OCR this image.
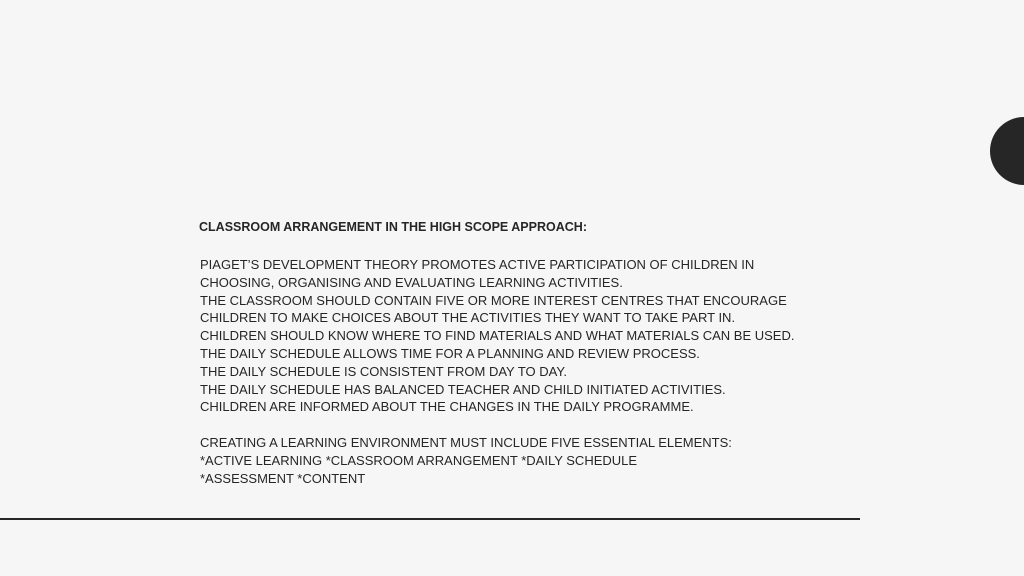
CLASSROOM ARRANGEMENT IN THE HIGH SCOPE APPROACH:
PIAGET’S DEVELOPMENT THEORY PROMOTES ACTIVE PARTICIPATION OF CHILDREN IN
CHOOSING, ORGANISING AND EVALUATING LEARNING ACTIVITIES.
THE CLASSROOM SHOULD CONTAIN FIVE OR MORE INTEREST CENTRES THAT ENCOURAGE
CHILDREN TO MAKE CHOICES ABOUT THE ACTIVITIES THEY WANT TO TAKE PART IN.
CHILDREN SHOULD KNOW WHERE TO FIND MATERIALS AND WHAT MATERIALS CAN BE USED.
THE DAILY SCHEDULE ALLOWS TIME FOR A PLANNING AND REVIEW PROCESS.
THE DAILY SCHEDULE IS CONSISTENT FROM DAY TO DAY.
THE DAILY SCHEDULE HAS BALANCED TEACHER AND CHILD INITIATED ACTIVITIES.
CHILDREN ARE INFORMED ABOUT THE CHANGES IN THE DAILY PROGRAMME.
CREATING A LEARNING ENVIRONMENT MUST INCLUDE FIVE ESSENTIAL ELEMENTS:
*ACTIVE LEARNING *CLASSROOM ARRANGEMENT *DAILY SCHEDULE
*ASSESSMENT *CONTENT
